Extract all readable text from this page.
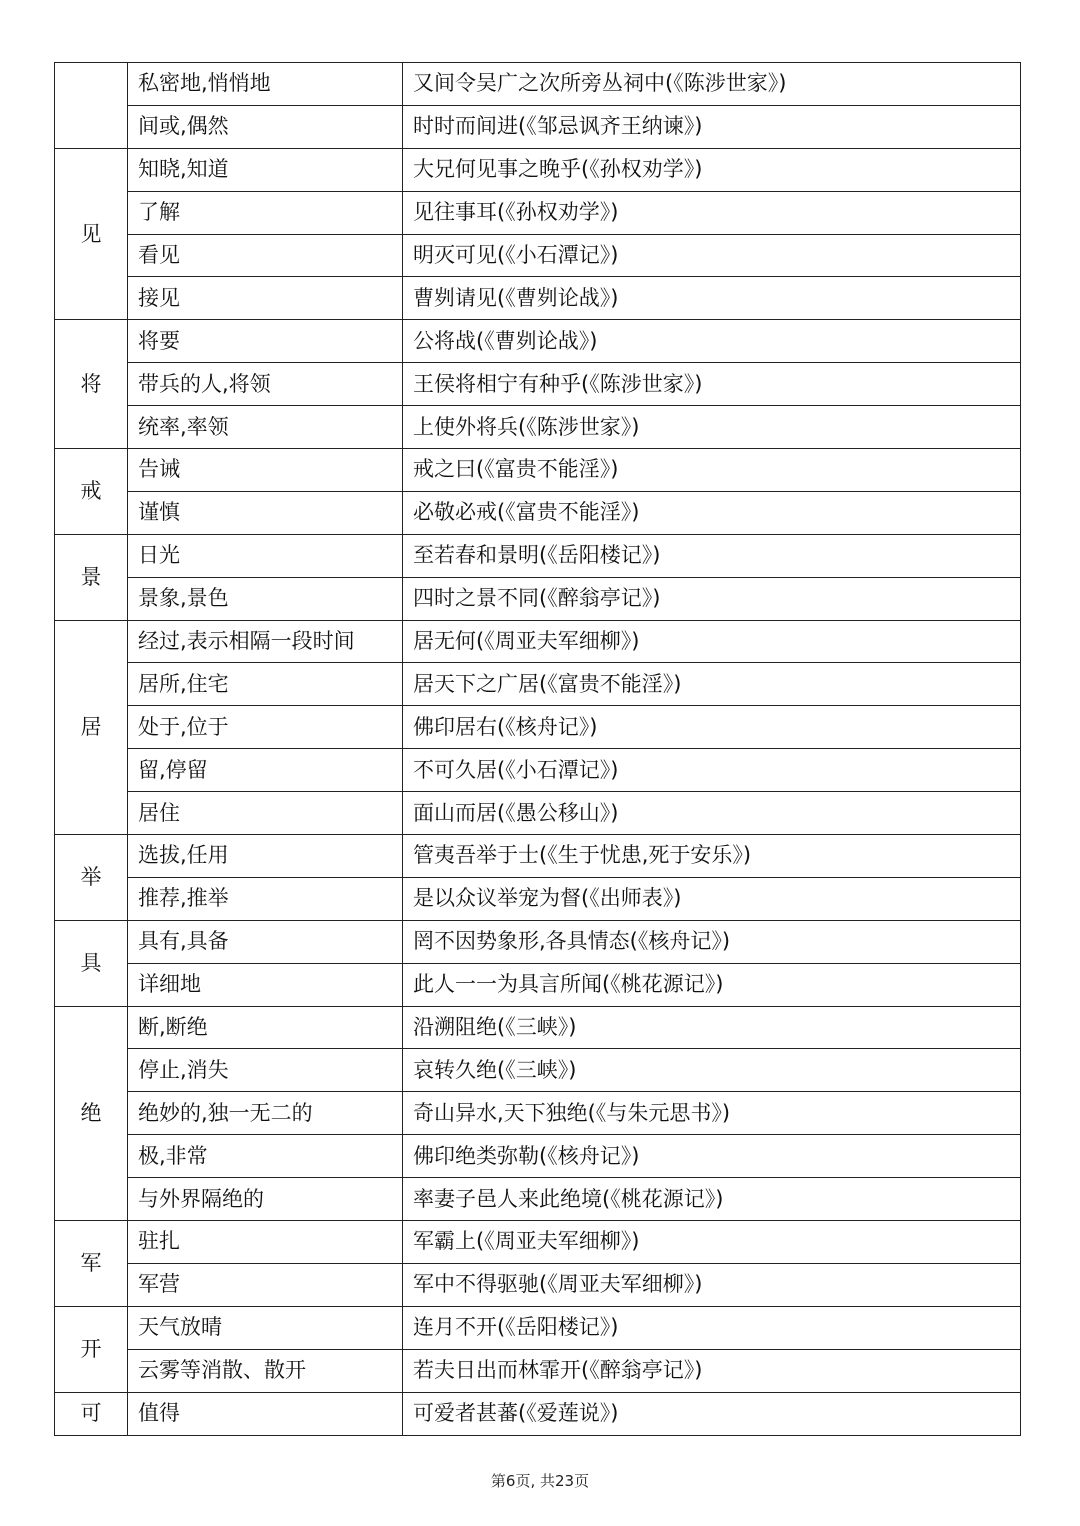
	私密地,悄悄地	又间令吴广之次所旁丛祠中(《陈涉世家》)
	间或,偶然	时时而间进(《邹忌讽齐王纳谏》)
见	知晓,知道	大兄何见事之晚乎(《孙权劝学》)
	了解	见往事耳(《孙权劝学》)
	看见	明灭可见(《小石潭记》)
	接见	曹刿请见(《曹刿论战》)
将	将要	公将战(《曹刿论战》)
	带兵的人,将领	王侯将相宁有种乎(《陈涉世家》)
	统率,率领	上使外将兵(《陈涉世家》)
戒	告诫	戒之曰(《富贵不能淫》)
	谨慎	必敬必戒(《富贵不能淫》)
景	日光	至若春和景明(《岳阳楼记》)
	景象,景色	四时之景不同(《醉翁亭记》)
居	经过,表示相隔一段时间	居无何(《周亚夫军细柳》)
	居所,住宅	居天下之广居(《富贵不能淫》)
	处于,位于	佛印居右(《核舟记》)
	留,停留	不可久居(《小石潭记》)
	居住	面山而居(《愚公移山》)
举	选拔,任用	管夷吾举于士(《生于忧患,死于安乐》)
	推荐,推举	是以众议举宠为督(《出师表》)
具	具有,具备	罔不因势象形,各具情态(《核舟记》)
	详细地	此人一一为具言所闻(《桃花源记》)
绝	断,断绝	沿溯阻绝(《三峡》)
	停止,消失	哀转久绝(《三峡》)
	绝妙的,独一无二的	奇山异水,天下独绝(《与朱元思书》)
	极,非常	佛印绝类弥勒(《核舟记》)
	与外界隔绝的	率妻子邑人来此绝境(《桃花源记》)
军	驻扎	军霸上(《周亚夫军细柳》)
	军营	军中不得驱驰(《周亚夫军细柳》)
开	天气放晴	连月不开(《岳阳楼记》)
	云雾等消散、散开	若夫日出而林霏开(《醉翁亭记》)
可	值得	可爱者甚蕃(《爱莲说》)
第6页, 共23页
